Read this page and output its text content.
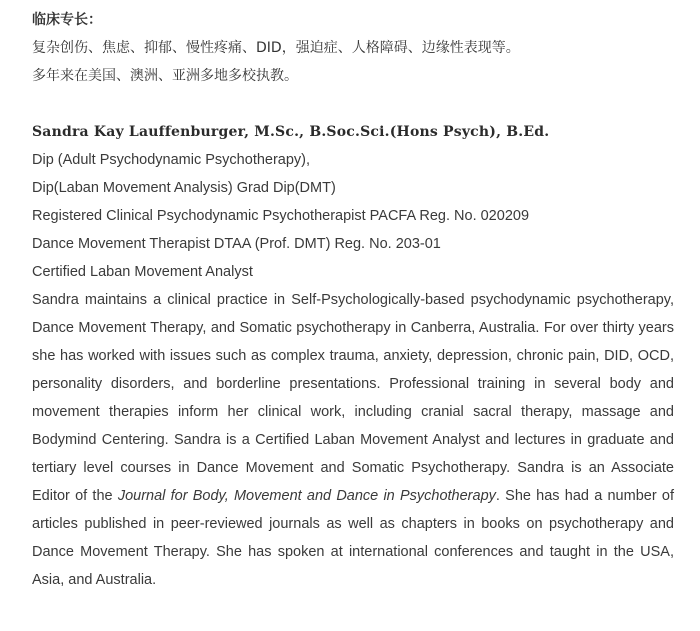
临床专长：

复杂创伤、焦虑、抑郁、慢性疼痛、DID，强迫症、人格障碍、边缘性表现等。

多年来在美国、澳洲、亚洲多地多校执教。

Sandra Kay Lauffenburger, M.Sc., B.Soc.Sci.(Hons Psych), B.Ed.

Dip (Adult Psychodynamic Psychotherapy),

Dip(Laban Movement Analysis) Grad Dip(DMT)

Registered Clinical Psychodynamic Psychotherapist PACFA Reg. No. 020209

Dance Movement Therapist DTAA (Prof. DMT) Reg. No. 203-01

Certified Laban Movement Analyst

Sandra maintains a clinical practice in Self-Psychologically-based psychodynamic psychotherapy, Dance Movement Therapy, and Somatic psychotherapy in Canberra, Australia. For over thirty years she has worked with issues such as complex trauma, anxiety, depression, chronic pain, DID, OCD, personality disorders, and borderline presentations. Professional training in several body and movement therapies inform her clinical work, including cranial sacral therapy, massage and Bodymind Centering. Sandra is a Certified Laban Movement Analyst and lectures in graduate and tertiary level courses in Dance Movement and Somatic Psychotherapy. Sandra is an Associate Editor of the Journal for Body, Movement and Dance in Psychotherapy. She has had a number of articles published in peer-reviewed journals as well as chapters in books on psychotherapy and Dance Movement Therapy. She has spoken at international conferences and taught in the USA, Asia, and Australia.
